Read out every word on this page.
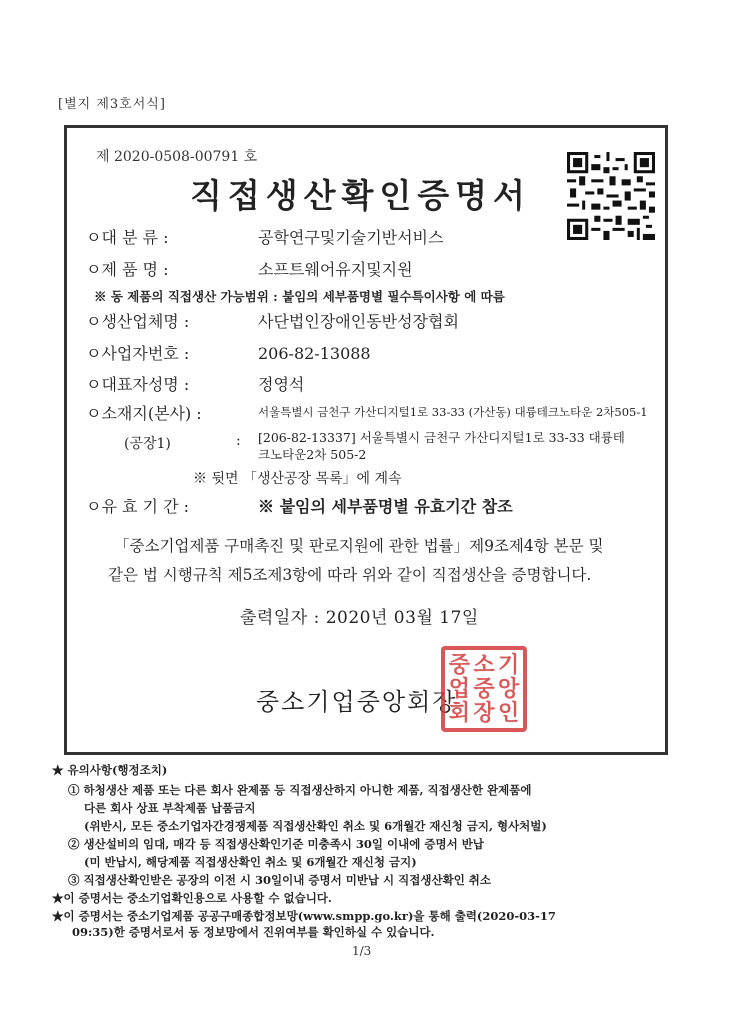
[별지 제3호서식]
제 2020-0508-00791 호
직접생산확인증명서
ㅇ대 분 류 :	공학연구및기술기반서비스
ㅇ제 품 명 :	소프트웨어유지및지원
※ 동 제품의 직접생산 가능범위 : 붙임의 세부품명별 필수특이사항 에 따름
ㅇ생산업체명 :	사단법인장애인동반성장협회
ㅇ사업자번호 :	206-82-13088
ㅇ대표자성명 :	정영석
ㅇ소재지(본사) :	서울특별시 금천구 가산디지털1로 33-33 (가산동) 대륭테크노타운 2차505-1
(공장1)	: [206-82-13337] 서울특별시 금천구 가산디지털1로 33-33 대륭테
크노타운2차 505-2
※ 뒷면 「생산공장 목록」에 계속
ㅇ유 효 기 간 :	※ 붙임의 세부품명별 유효기간 참조
「중소기업제품 구매촉진 및 판로지원에 관한 법률」제9조제4항 본문 및
같은 법 시행규칙 제5조제3항에 따라 위와 같이 직접생산을 증명합니다.
출력일자 : 2020년 03월 17일
중소기업중앙회장
중 소 기
업 중 앙
회 장 인
★ 유의사항(행정조치)
① 하청생산 제품 또는 다른 회사 완제품 등 직접생산하지 아니한 제품, 직접생산한 완제품에
다른 회사 상표 부착제품 납품금지
(위반시, 모든 중소기업자간경쟁제품 직접생산확인 취소 및 6개월간 재신청 금지, 형사처벌)
② 생산설비의 임대, 매각 등 직접생산확인기준 미충족시 30일 이내에 증명서 반납
(미 반납시, 해당제품 직접생산확인 취소 및 6개월간 재신청 금지)
③ 직접생산확인받은 공장의 이전 시 30일이내 증명서 미반납 시 직접생산확인 취소
★이 증명서는 중소기업확인용으로 사용할 수 없습니다.
★이 증명서는 중소기업제품 공공구매종합정보망(www.smpp.go.kr)을 통해 출력(2020-03-17
09:35)한 증명서로서 동 정보망에서 진위여부를 확인하실 수 있습니다.
1/3
